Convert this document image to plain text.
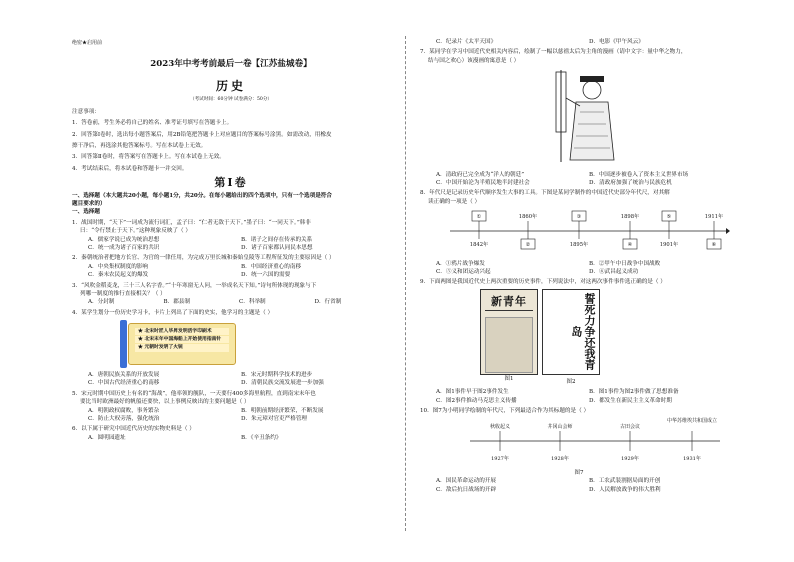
绝密★启用前
2023年中考考前最后一卷【江苏盐城卷】
历史
（考试时间：60分钟 试卷满分：50分）
注意事项：

1．答卷前，考生务必将自己的姓名、准考证号填写在答题卡上。

2．回答第Ⅰ卷时，选出每小题答案后，用2B铅笔把答题卡上对应题目的答案标号涂黑。如需改动，用橡皮

擦干净后，再选涂其他答案标号。写在本试卷上无效。

3．回答第Ⅱ卷时，将答案写在答题卡上。写在本试卷上无效。

4．考试结束后，将本试卷和答题卡一并交回。

第Ⅰ卷

一、选择题（本大题共20小题，每小题1分，共20分。在每小题给出的四个选项中，只有一个选项是符合

题目要求的）

一、选择题

1．战国时期，“天下”一词成为流行词汇，孟子曰：“仁者无敌于天下。”墨子曰：“一同天下。”韩非

曰：“令行禁止于天下。”这种现象反映了（ ）

A．儒家学说已成为统治思想	B．诸子之间存在传承的关系
C．统一成为诸子百家的共识	D．诸子百家都认同民本思想

2．秦朝统治者把地方长官、为官的一律任用，为完成万里长城和秦始皇陵等工程所征发的主要原因是（ ）

A．中央集权制度的影响	B．中国经济重心的南移
C．秦末农民起义的爆发	D．统一六国的需要

3．“风吹金稻麦龙，三十三人名字香。”“十年寒窗无人问，一举成名天下知。”诗句所体现的现象与下

列哪一制度的推行直接相关？（ ）

A．分封制	B．郡县制	C．科举制	D．行省制

4．某学生划分一份历史学习卡，卡片上列出了下面的史实，他学习的主题是（ ）

★ 北宋时匠人毕昇发明活字印刷术
★ 北宋末年中国海船上开始使用指南针
★ 元朝时发明了火铳
A．唐朝民族关系的开放发展	B．宋元时期科学技术的进步
C．中国古代经济重心的南移	D．清朝民族交流发展进一步加强

5．宋元时期中国历史上有名的“海战”，他率领的舰队，一天要行400多海里航程，直到南宋末年也

要比当时欧洲最好的帆船还要快，以上事例反映出的主要问题是（ ）

A．明朝政权腐败，事务繁杂	B．明朝前期经济繁荣，不断发展
C．防止大权旁落，强化统治	D．朱元璋对官吏严格管理

6．以下属于研究中国近代历史的实物史料是（ ）

A．圆明园遗址	B．《辛丑条约》
C．纪录片《太平天国》	D．电影《甲午风云》

7．某同学在学习中国近代史相关内容后，绘制了一幅以慈禧太后为主角的漫画（请中文字：量中华之物力，

结与国之欢心）该漫画的寓意是（ ）

A．清政府已完全成为“洋人的朝廷”	B．中国逐步被卷入了资本主义世界市场
C．中国开始沦为半殖民地半封建社会	D．清政府加强了统治与民族危机

8．年代尺是记录历史年代顺序发生大事的工具。下图是某同学制作的中国近代史部分年代尺，对其解

读正确的一项是（ ）

①	1860年	③	1898年	⑤	1911年
1842年	②	1895年	④	1901年	⑥
A．①鸦片战争爆发	B．②甲午中日战争中国战败
C．⑤义和团运动兴起	D．⑥武昌起义成功

9．下面两图是我国近代史上两次重要的历史事件，下列说法中，对这两次事件事件选正确的是（ ）

新青年
图1
誓死力争还我青岛
图2
A．图1事件早于图2事件发生	B．图1事件为图2事件做了思想准备
C．图2事件推动马克思主义传播	D．都发生在新民主主义革命时期

10．图7为小明同学绘制的年代尺，下列最适合作为其标题的是（ ）

秋收起义	井冈山会师	古田会议
中华苏维埃共和国成立
1927年	1928年	1929年	1931年

图7

A．国民革命运动的开展	B．工农武装割据局面的开创
C．敌后抗日战场的开辟	D．人民解放战争的伟大胜利
